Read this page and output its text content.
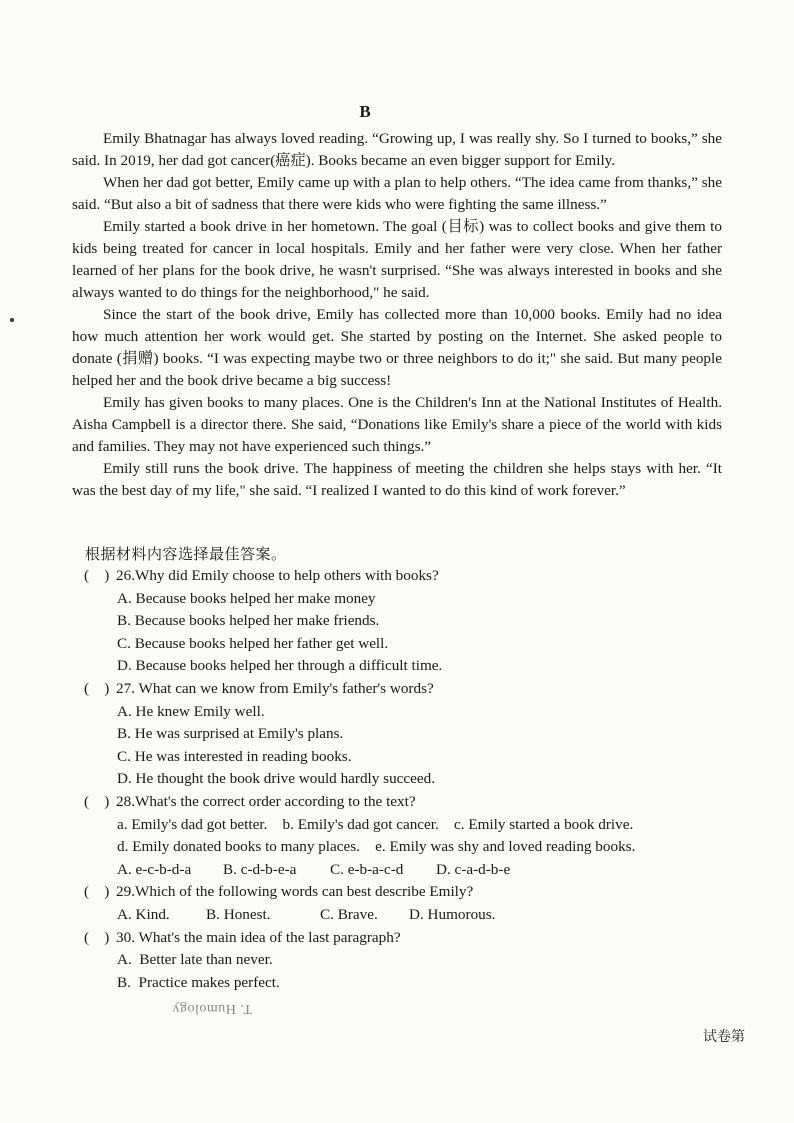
B

Emily Bhatnagar has always loved reading. “Growing up, I was really shy. So I turned to books,” she said. In 2019, her dad got cancer(癌症). Books became an even bigger support for Emily.

When her dad got better, Emily came up with a plan to help others. “The idea came from thanks,” she said. “But also a bit of sadness that there were kids who were fighting the same illness.”

Emily started a book drive in her hometown. The goal (目标) was to collect books and give them to kids being treated for cancer in local hospitals. Emily and her father were very close. When her father learned of her plans for the book drive, he wasn't surprised. “She was always interested in books and she always wanted to do things for the neighborhood," he said.

Since the start of the book drive, Emily has collected more than 10,000 books. Emily had no idea how much attention her work would get. She started by posting on the Internet. She asked people to donate (捐赠) books. “I was expecting maybe two or three neighbors to do it;" she said. But many people helped her and the book drive became a big success!

Emily has given books to many places. One is the Children's Inn at the National Institutes of Health. Aisha Campbell is a director there. She said, “Donations like Emily's share a piece of the world with kids and families. They may not have experienced such things.”

Emily still runs the book drive. The happiness of meeting the children she helps stays with her. “It was the best day of my life," she said. “I realized I wanted to do this kind of work forever.”

根据材料内容选择最佳答案。
(    ) 26.Why did Emily choose to help others with books?
A. Because books helped her make money
B. Because books helped her make friends.
C. Because books helped her father get well.
D. Because books helped her through a difficult time.
(    ) 27. What can we know from Emily's father's words?
A. He knew Emily well.
B. He was surprised at Emily's plans.
C. He was interested in reading books.
D. He thought the book drive would hardly succeed.
(    ) 28.What's the correct order according to the text?
a. Emily's dad got better.    b. Emily's dad got cancer.    c. Emily started a book drive.
d. Emily donated books to many places.    e. Emily was shy and loved reading books.
A. e-c-b-d-a	B. c-d-b-e-a	C. e-b-a-c-d	D. c-a-d-b-e
(    ) 29.Which of the following words can best describe Emily?
A. Kind.	B. Honest.	C. Brave.	D. Humorous.
(    ) 30. What's the main idea of the last paragraph?
A.  Better late than never.
B.  Practice makes perfect.
T. Humology
试卷第
